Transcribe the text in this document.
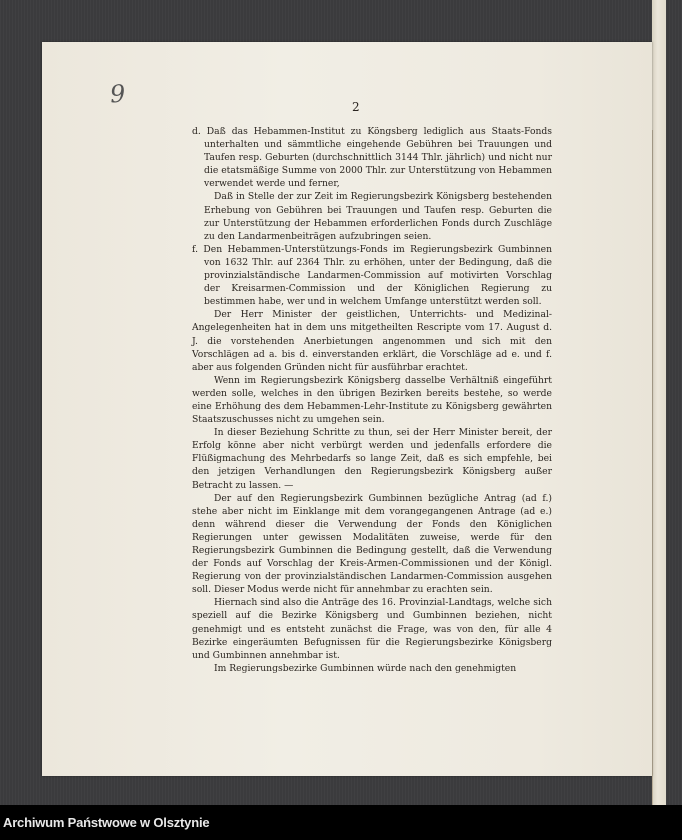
9	2

d. Daß das Hebammen-Institut zu Köngsberg lediglich aus Staats-Fonds unterhalten und sämmtliche eingehende Gebühren bei Trauungen und Taufen resp. Geburten (durchschnittlich 3144 Thlr. jährlich) und nicht nur die etatsmäßige Summe von 2000 Thlr. zur Unterstützung von Hebammen verwendet werde und ferner,

Daß in Stelle der zur Zeit im Regierungsbezirk Königsberg bestehenden Erhebung von Gebühren bei Trauungen und Taufen resp. Geburten die zur Unterstützung der Hebammen erforderlichen Fonds durch Zuschläge zu den Landarmenbeiträgen aufzubringen seien.

f. Den Hebammen-Unterstützungs-Fonds im Regierungsbezirk Gumbinnen von 1632 Thlr. auf 2364 Thlr. zu erhöhen, unter der Bedingung, daß die provinzialständische Landarmen-Commission auf motivirten Vorschlag der Kreisarmen-Commission und der Königlichen Regierung zu bestimmen habe, wer und in welchem Umfange unterstützt werden soll.

Der Herr Minister der geistlichen, Unterrichts- und Medizinal-Angelegenheiten hat in dem uns mitgetheilten Rescripte vom 17. August d. J. die vorstehenden Anerbietungen angenommen und sich mit den Vorschlägen ad a. bis d. einverstanden erklärt, die Vorschläge ad e. und f. aber aus folgenden Gründen nicht für ausführbar erachtet.

Wenn im Regierungsbezirk Königsberg dasselbe Verhältniß eingeführt werden solle, welches in den übrigen Bezirken bereits bestehe, so werde eine Erhöhung des dem Hebammen-Lehr-Institute zu Königsberg gewährten Staatszuschusses nicht zu umgehen sein.

In dieser Beziehung Schritte zu thun, sei der Herr Minister bereit, der Erfolg könne aber nicht verbürgt werden und jedenfalls erfordere die Flüßigmachung des Mehrbedarfs so lange Zeit, daß es sich empfehle, bei den jetzigen Verhandlungen den Regierungsbezirk Königsberg außer Betracht zu lassen. —

Der auf den Regierungsbezirk Gumbinnen bezügliche Antrag (ad f.) stehe aber nicht im Einklange mit dem vorangegangenen Antrage (ad e.) denn während dieser die Verwendung der Fonds den Königlichen Regierungen unter gewissen Modalitäten zuweise, werde für den Regierungsbezirk Gumbinnen die Bedingung gestellt, daß die Verwendung der Fonds auf Vorschlag der Kreis-Armen-Commissionen und der Königl. Regierung von der provinzialständischen Landarmen-Commission ausgehen soll. Dieser Modus werde nicht für annehmbar zu erachten sein.

Hiernach sind also die Anträge des 16. Provinzial-Landtags, welche sich speziell auf die Bezirke Königsberg und Gumbinnen beziehen, nicht genehmigt und es entsteht zunächst die Frage, was von den, für alle 4 Bezirke eingeräumten Befugnissen für die Regierungsbezirke Königsberg und Gumbinnen annehmbar ist.

Im Regierungsbezirke Gumbinnen würde nach den genehmigten

Archiwum Państwowe w Olsztynie
